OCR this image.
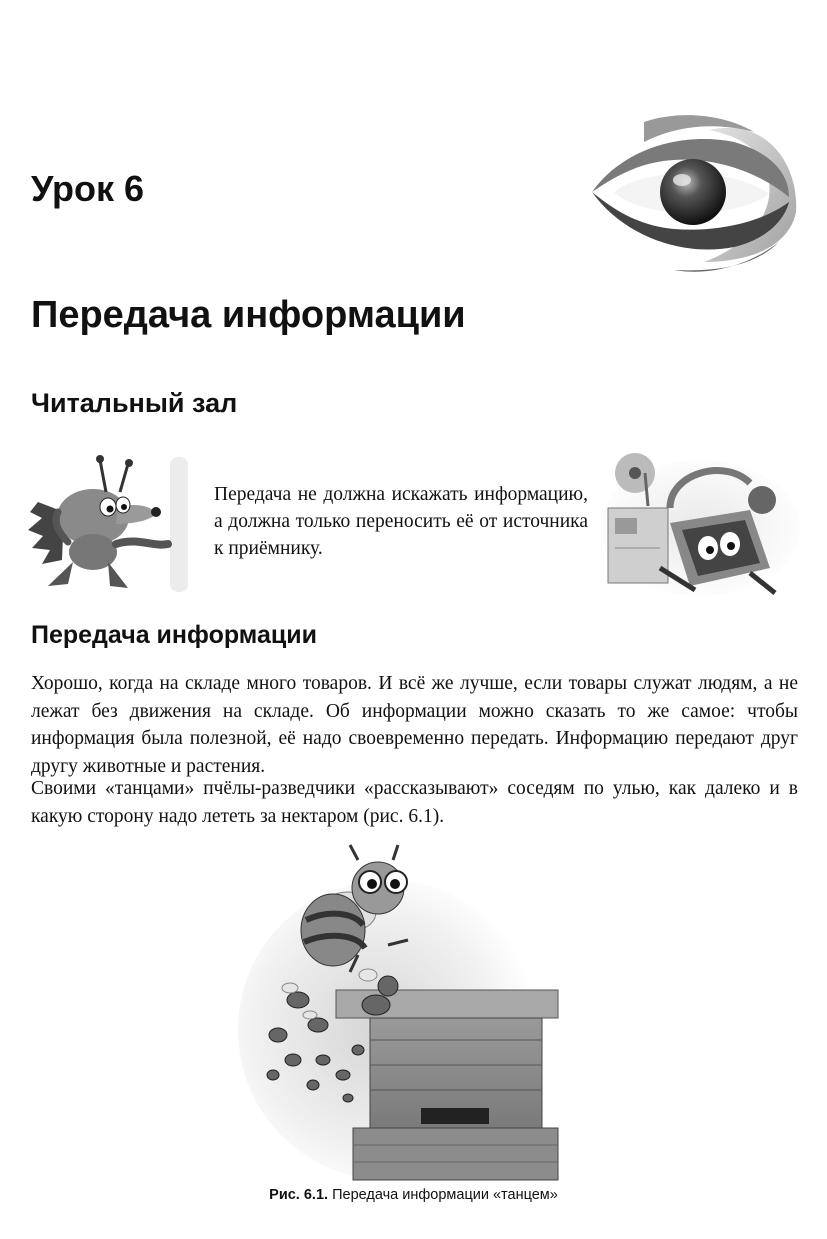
Урок 6
Передача информации
Читальный зал
Передача не должна искажать информацию, а должна только переносить её от источника к приёмнику.
Передача информации
Хорошо, когда на складе много товаров. И всё же лучше, если товары служат людям, а не лежат без движения на складе. Об информации можно сказать то же самое: чтобы информация была полезной, её надо своевременно передать. Информацию передают друг другу животные и растения.
Своими «танцами» пчёлы-разведчики «рассказывают» соседям по улью, как далеко и в какую сторону надо лететь за нектаром (рис. 6.1).
Рис. 6.1. Передача информации «танцем»
